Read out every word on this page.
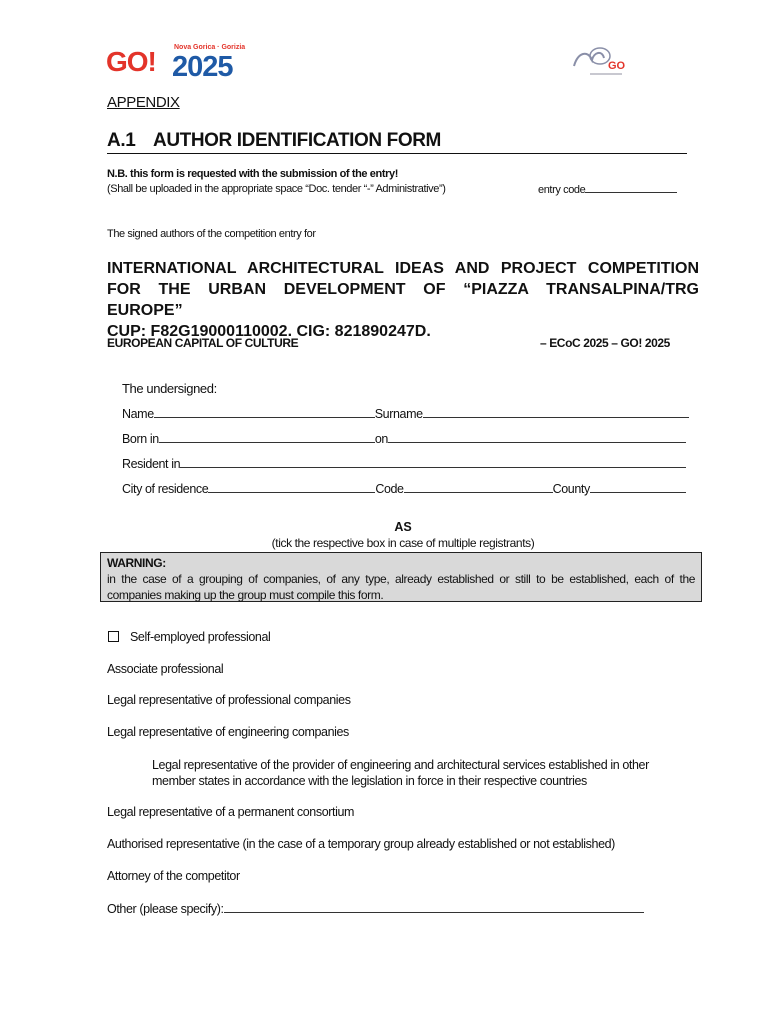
GO!	Nova Gorica · Gorizia
2025	GO
APPENDIX
A.1 AUTHOR IDENTIFICATION FORM
N.B. this form is requested with the submission of the entry!
(Shall be uploaded in the appropriate space “Doc. tender “-” Administrative”)	entry code
The signed authors of the competition entry for
INTERNATIONAL ARCHITECTURAL IDEAS AND PROJECT COMPETITION FOR THE URBAN DEVELOPMENT OF “PIAZZA TRANSALPINA/TRG EUROPE”
CUP: F82G19000110002. CIG: 821890247D.
EUROPEAN CAPITAL OF CULTURE	– ECoC 2025 – GO! 2025
The undersigned:
Name	Surname
Born in	on
Resident in
City of residence	Code	County
AS
(tick the respective box in case of multiple registrants)
WARNING:
in the case of a grouping of companies, of any type, already established or still to be established, each of the companies making up the group must compile this form.
Self-employed professional
Associate professional
Legal representative of professional companies
Legal representative of engineering companies
Legal representative of the provider of engineering and architectural services established in other member states in accordance with the legislation in force in their respective countries
Legal representative of a permanent consortium
Authorised representative (in the case of a temporary group already established or not established)
Attorney of the competitor
Other (please specify):
